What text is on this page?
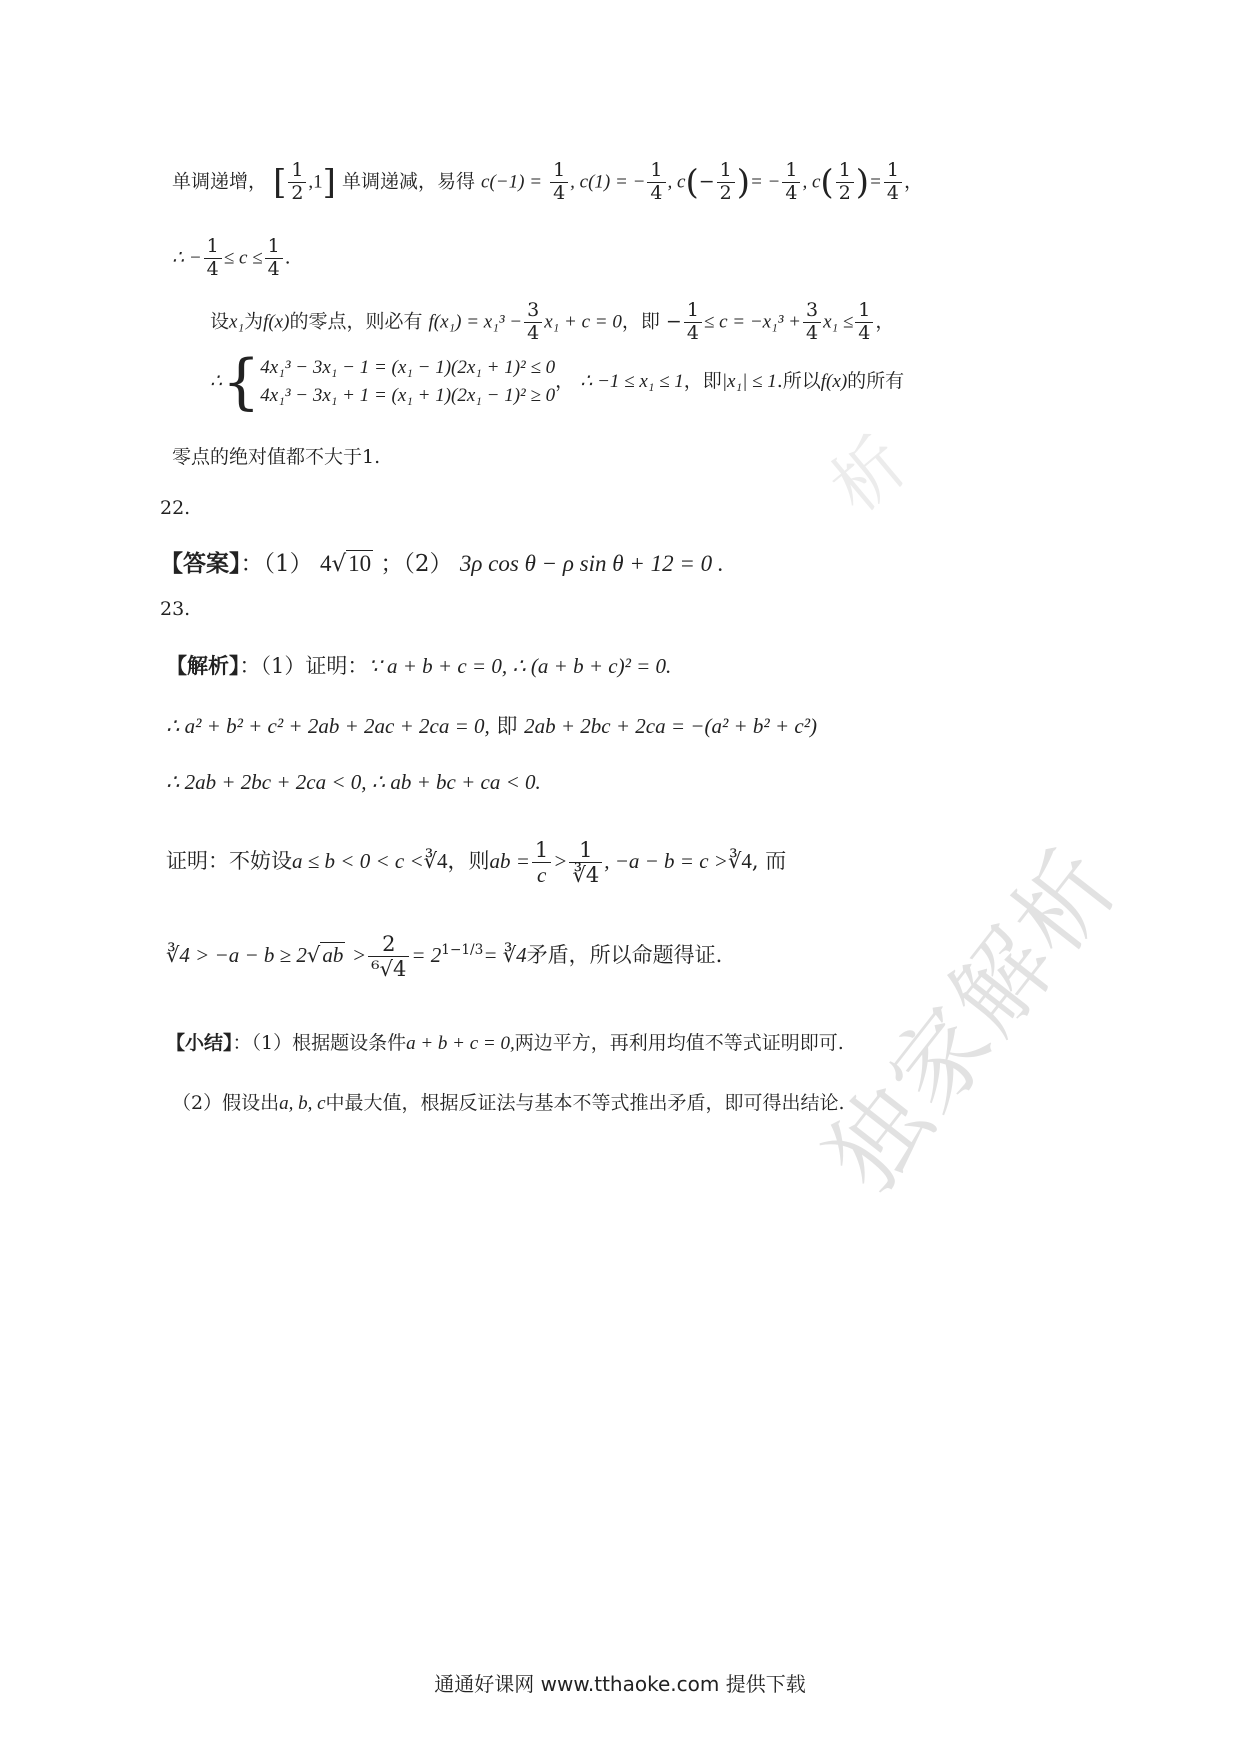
独家解析
析
单调递增， [ $\frac{1}{2} ,1$] 单调递减，易得 $c(-1) = \frac{1}{4}$ , c(1) = − $\frac{1}{4}$ , $c(- \frac{1}{2}$ )= − $\frac{1}{4}$ , $c( \frac{1}{2}$ )= $\frac{1}{4}$ ，
∴ − $\frac{1}{4} \le c \le \frac{1}{4}$ .
设x₁为f(x)的零点，则必有 $f(x_1) = x_1^3 - \frac{3}{4} x_1 + c = 0$，即 − $\frac{1}{4} \le c = -x_1^3 + \frac{3}{4} x_1 \le \frac{1}{4}$ ，
∴{ 4x₁³ − 3x₁ − 1 = (x₁ − 1)(2x₁ + 1)² ≤ 0
4x₁³ − 3x₁ + 1 = (x₁ + 1)(2x₁ − 1)² ≥ 0
， ∴ −1 ≤ x₁ ≤ 1，即|x₁| ≤ 1.所以f(x)的所有
零点的绝对值都不大于1.
22.
【答案】：（1） 4√10 ；（2） 3ρ cos θ − ρ sin θ + 12 = 0 .
23.
【解析】：（1）证明：∵ a + b + c = 0, ∴ (a + b + c)² = 0.
∴ a² + b² + c² + 2ab + 2ac + 2ca = 0, 即 2ab + 2bc + 2ca = −(a² + b² + c²)
∴ 2ab + 2bc + 2ca < 0, ∴ ab + bc + ca < 0.
证明：不妨设a ≤ b < 0 < c <∛4，则ab = $\frac{1}{c} > \frac{1}{∛4}$ , −a − b = c >∛4, 而
∛4 > $-a - b \ge 2√ab > \frac{2}{\text{⁶√4}} = 2^{1-1/3}=$ ∛4矛盾，所以命题得证.
【小结】：（1）根据题设条件a + b + c = 0,两边平方，再利用均值不等式证明即可.
（2）假设出a, b, c中最大值，根据反证法与基本不等式推出矛盾，即可得出结论.
通通好课网 www.tthaoke.com 提供下载
